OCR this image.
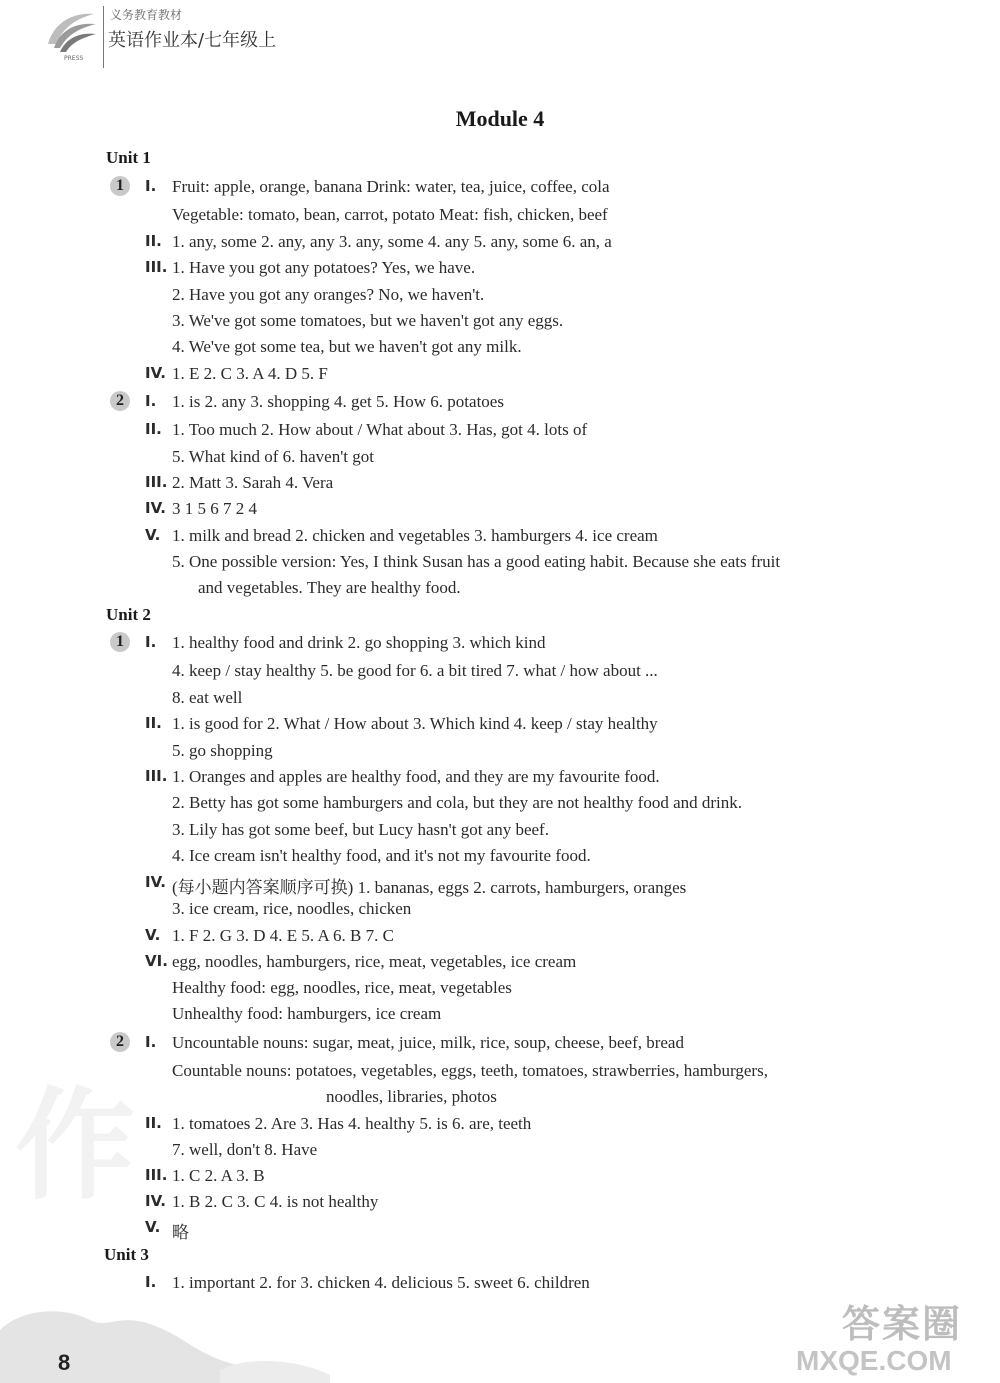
PRESS
义务教育教材
英语作业本/七年级上
作
Module 4
Unit 1
1	I. Fruit: apple, orange, banana Drink: water, tea, juice, coffee, cola
Vegetable: tomato, bean, carrot, potato Meat: fish, chicken, beef
II. 1. any, some 2. any, any 3. any, some 4. any 5. any, some 6. an, a
III. 1. Have you got any potatoes? Yes, we have.
2. Have you got any oranges? No, we haven't.
3. We've got some tomatoes, but we haven't got any eggs.
4. We've got some tea, but we haven't got any milk.
IV. 1. E 2. C 3. A 4. D 5. F
2	I. 1. is 2. any 3. shopping 4. get 5. How 6. potatoes
II. 1. Too much 2. How about / What about 3. Has, got 4. lots of
5. What kind of 6. haven't got
III. 2. Matt 3. Sarah 4. Vera
IV. 3 1 5 6 7 2 4
V. 1. milk and bread 2. chicken and vegetables 3. hamburgers 4. ice cream
5. One possible version: Yes, I think Susan has a good eating habit. Because she eats fruit
and vegetables. They are healthy food.
Unit 2
1	I. 1. healthy food and drink 2. go shopping 3. which kind
4. keep / stay healthy 5. be good for 6. a bit tired 7. what / how about ...
8. eat well
II. 1. is good for 2. What / How about 3. Which kind 4. keep / stay healthy
5. go shopping
III. 1. Oranges and apples are healthy food, and they are my favourite food.
2. Betty has got some hamburgers and cola, but they are not healthy food and drink.
3. Lily has got some beef, but Lucy hasn't got any beef.
4. Ice cream isn't healthy food, and it's not my favourite food.
IV. (每小题内答案顺序可换) 1. bananas, eggs 2. carrots, hamburgers, oranges
3. ice cream, rice, noodles, chicken
V. 1. F 2. G 3. D 4. E 5. A 6. B 7. C
VI. egg, noodles, hamburgers, rice, meat, vegetables, ice cream
Healthy food: egg, noodles, rice, meat, vegetables
Unhealthy food: hamburgers, ice cream
2	I. Uncountable nouns: sugar, meat, juice, milk, rice, soup, cheese, beef, bread
Countable nouns: potatoes, vegetables, eggs, teeth, tomatoes, strawberries, hamburgers,
noodles, libraries, photos
II. 1. tomatoes 2. Are 3. Has 4. healthy 5. is 6. are, teeth
7. well, don't 8. Have
III. 1. C 2. A 3. B
IV. 1. B 2. C 3. C 4. is not healthy
V. 略
Unit 3
I. 1. important 2. for 3. chicken 4. delicious 5. sweet 6. children
8
答案圈
MXQE.COM
